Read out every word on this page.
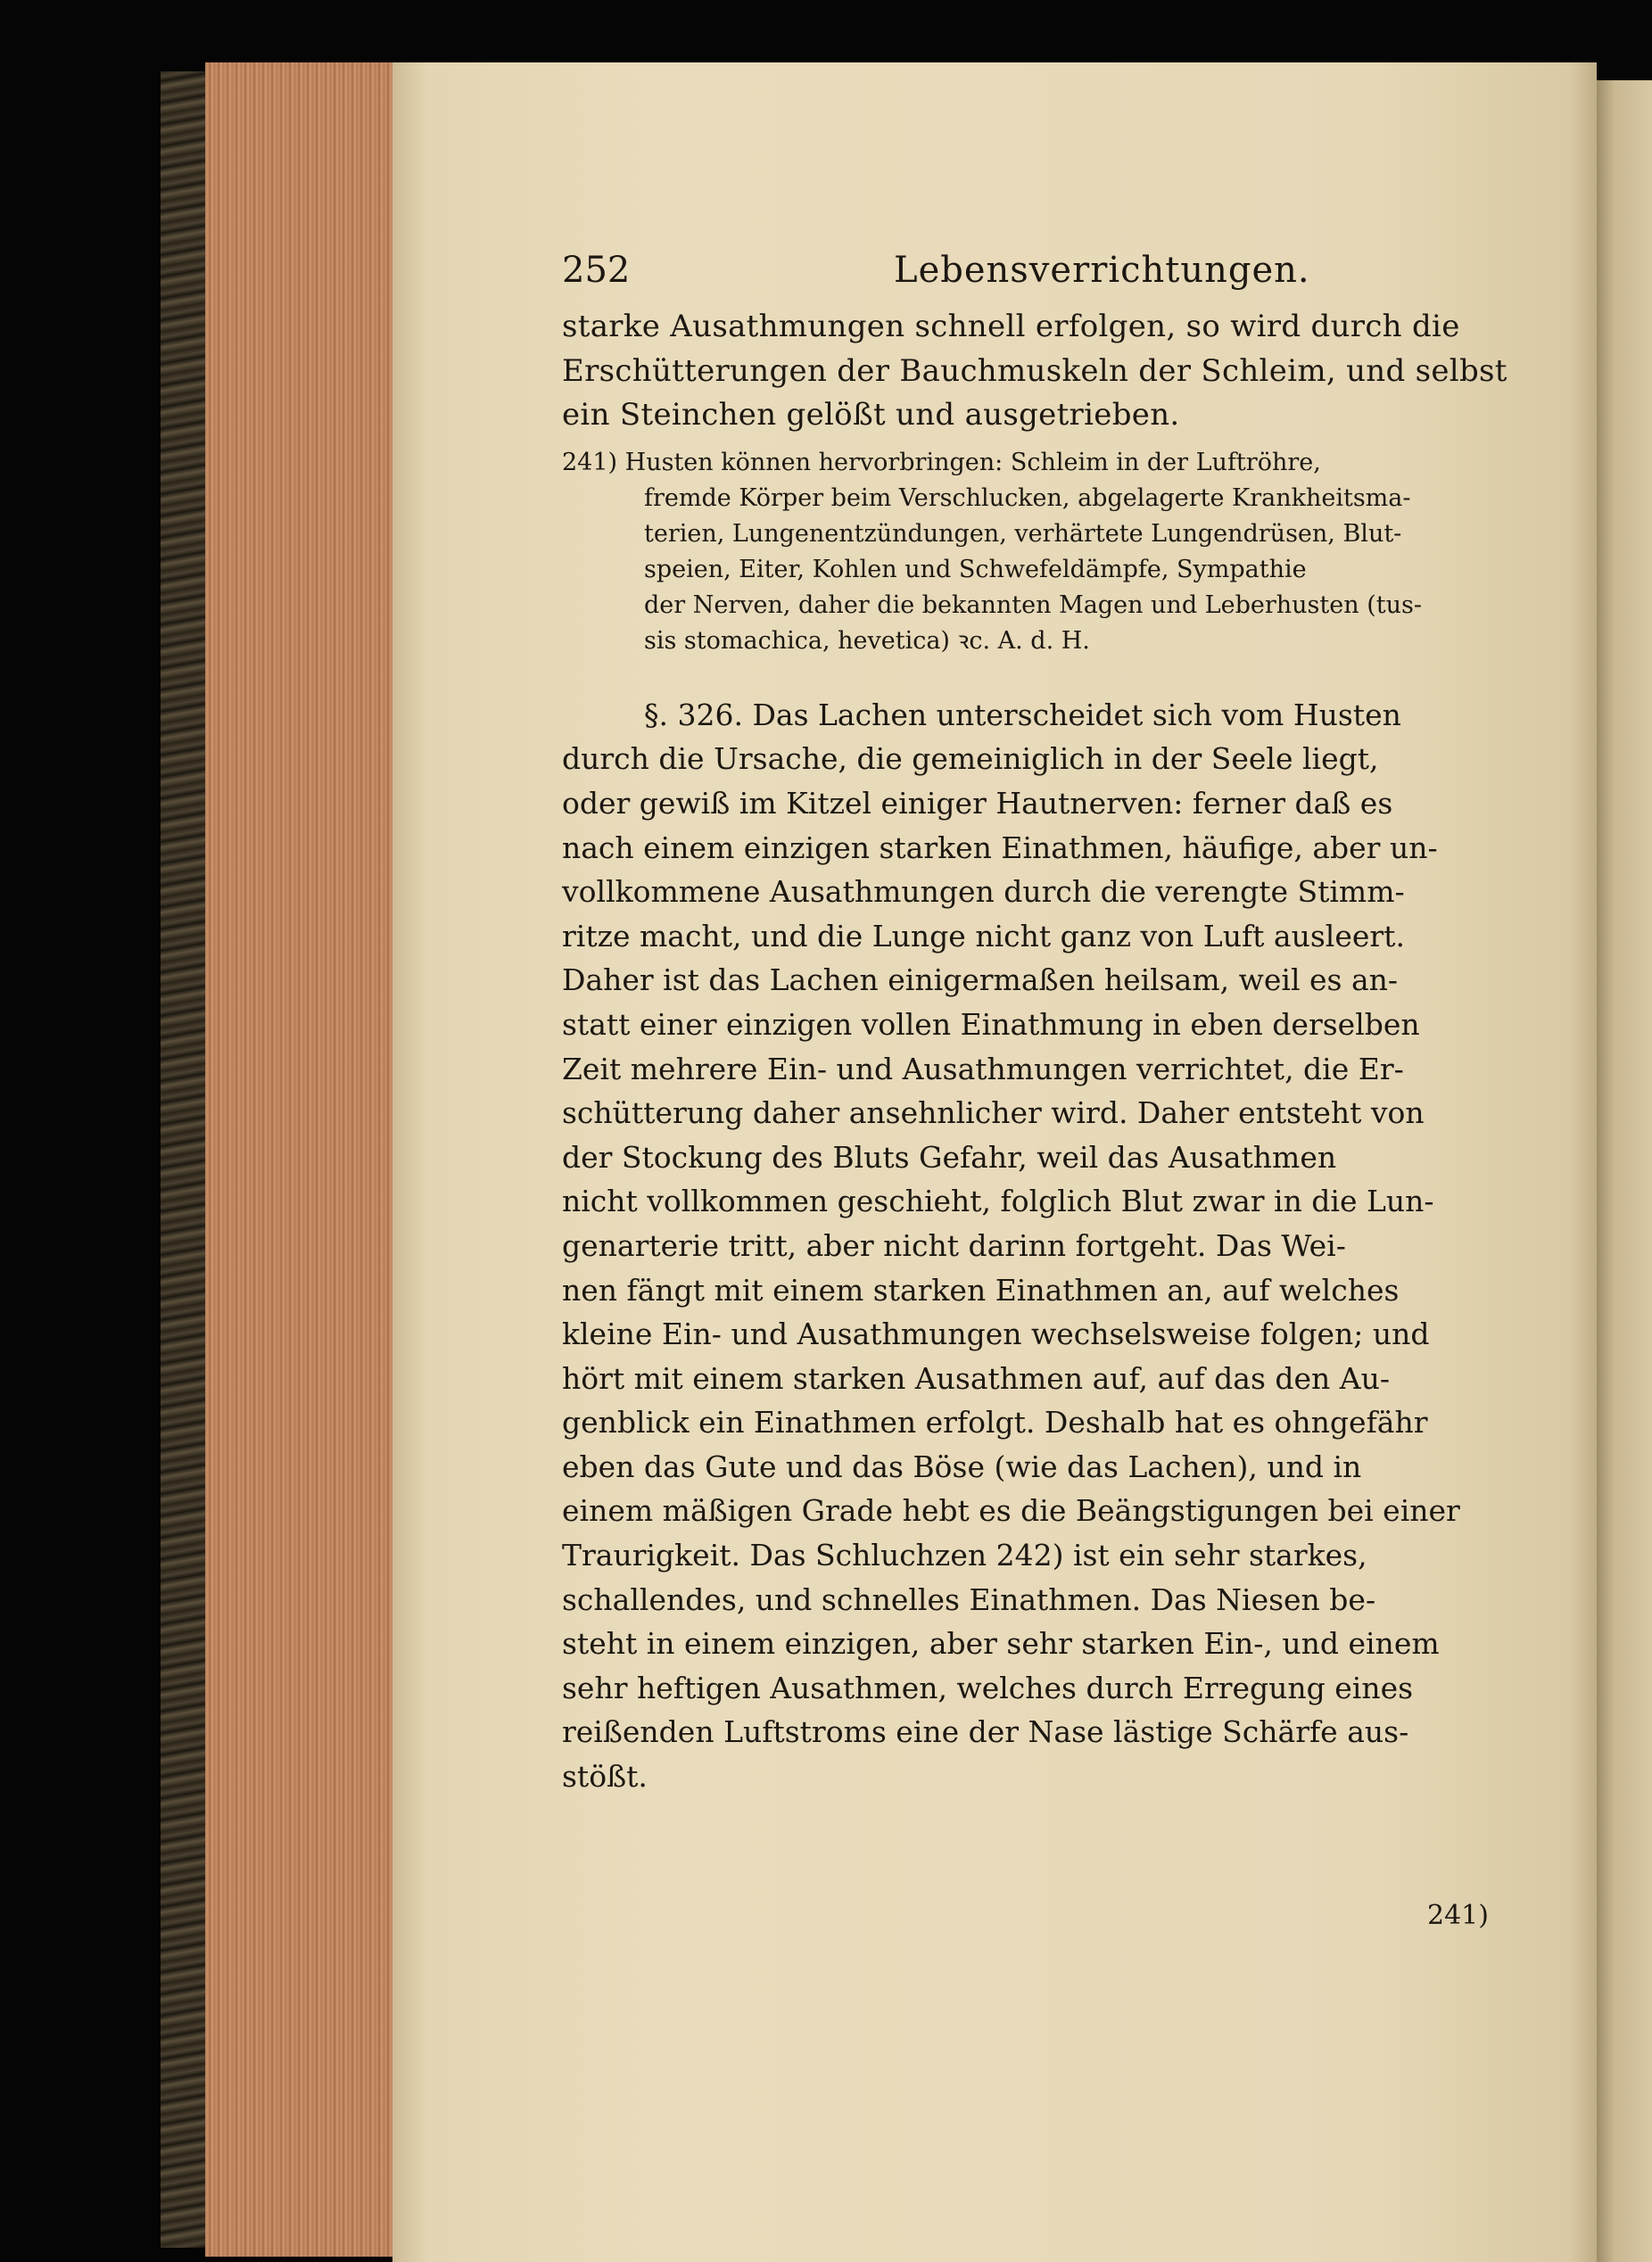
252	Lebensverrichtungen.
starke Ausathmungen schnell erfolgen, so wird durch die
Erschütterungen der Bauchmuskeln der Schleim, und selbst
ein Steinchen gelößt und ausgetrieben.
241) Husten können hervorbringen: Schleim in der Luftröhre,
fremde Körper beim Verschlucken, abgelagerte Krankheitsma-
terien, Lungenentzündungen, verhärtete Lungendrüsen, Blut-
speien, Eiter, Kohlen und Schwefeldämpfe, Sympathie
der Nerven, daher die bekannten Magen und Leberhusten (tus-
sis stomachica, hevetica) ꝛc. A. d. H.
§. 326. Das Lachen unterscheidet sich vom Husten
durch die Ursache, die gemeiniglich in der Seele liegt,
oder gewiß im Kitzel einiger Hautnerven: ferner daß es
nach einem einzigen starken Einathmen, häufige, aber un-
vollkommene Ausathmungen durch die verengte Stimm-
ritze macht, und die Lunge nicht ganz von Luft ausleert.
Daher ist das Lachen einigermaßen heilsam, weil es an-
statt einer einzigen vollen Einathmung in eben derselben
Zeit mehrere Ein- und Ausathmungen verrichtet, die Er-
schütterung daher ansehnlicher wird. Daher entsteht von
der Stockung des Bluts Gefahr, weil das Ausathmen
nicht vollkommen geschieht, folglich Blut zwar in die Lun-
genarterie tritt, aber nicht darinn fortgeht. Das Wei-
nen fängt mit einem starken Einathmen an, auf welches
kleine Ein- und Ausathmungen wechselsweise folgen; und
hört mit einem starken Ausathmen auf, auf das den Au-
genblick ein Einathmen erfolgt. Deshalb hat es ohngefähr
eben das Gute und das Böse (wie das Lachen), und in
einem mäßigen Grade hebt es die Beängstigungen bei einer
Traurigkeit. Das Schluchzen 242) ist ein sehr starkes,
schallendes, und schnelles Einathmen. Das Niesen be-
steht in einem einzigen, aber sehr starken Ein-, und einem
sehr heftigen Ausathmen, welches durch Erregung eines
reißenden Luftstroms eine der Nase lästige Schärfe aus-
stößt.
241)
